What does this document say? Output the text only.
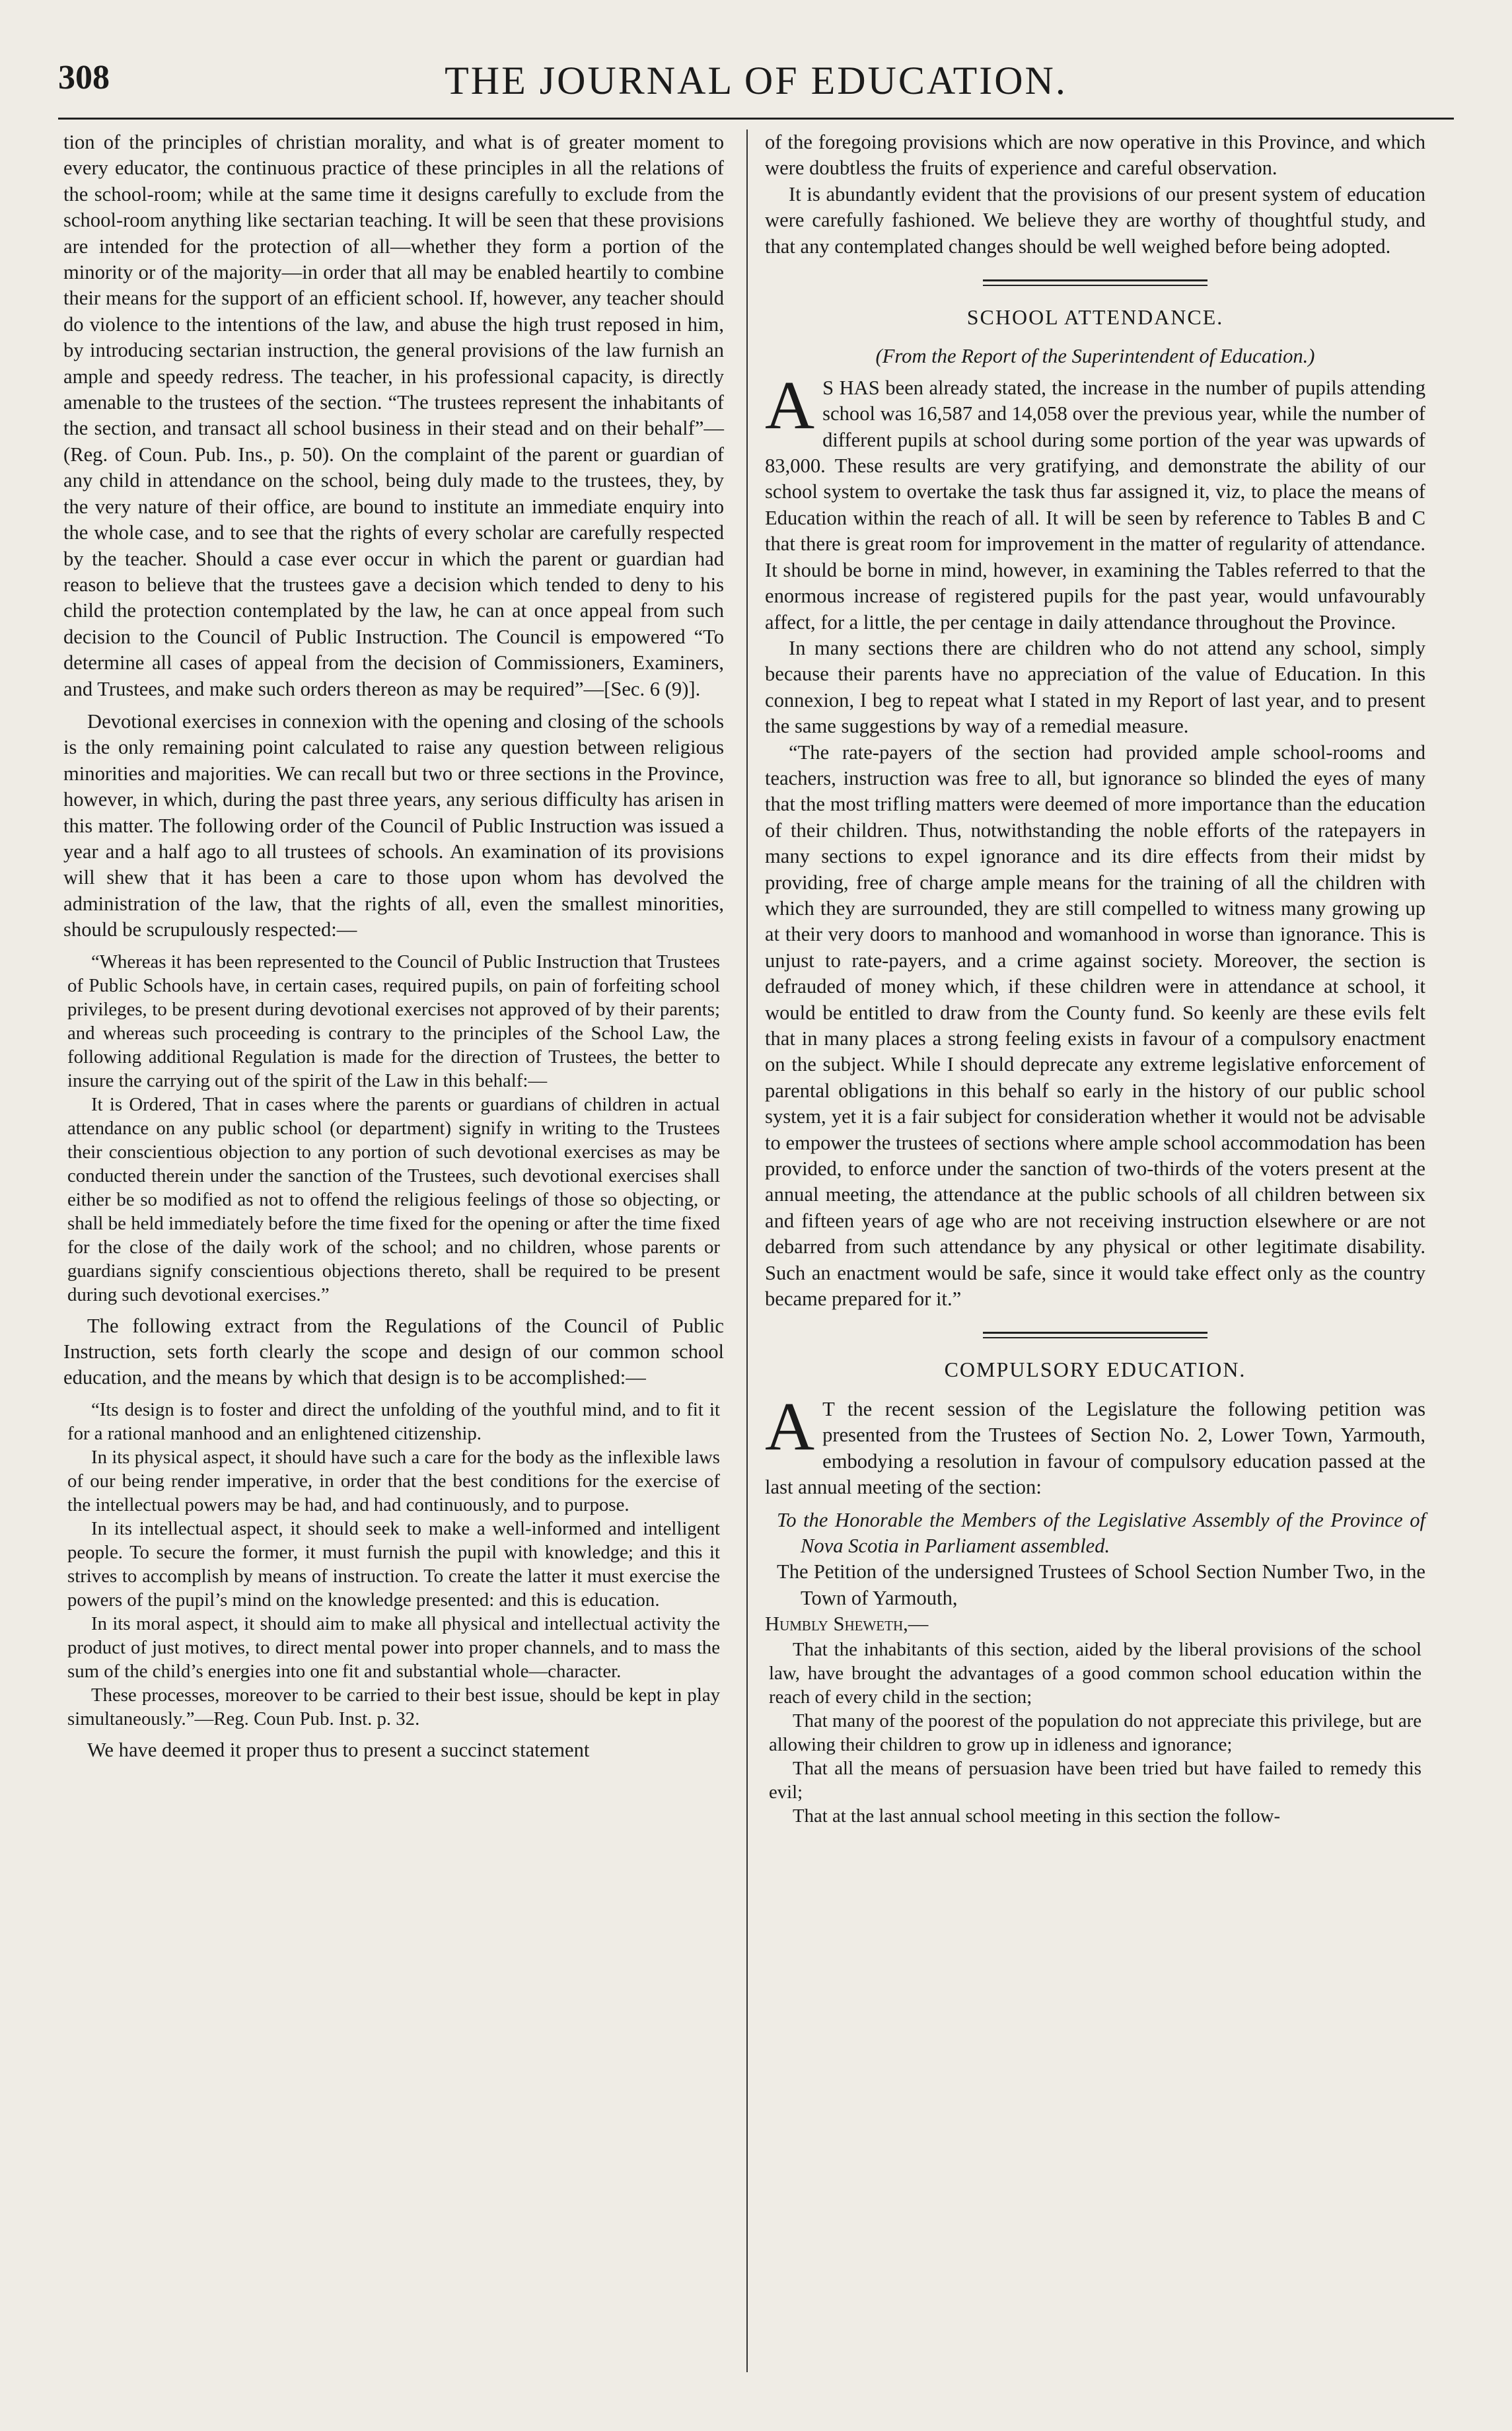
308	THE JOURNAL OF EDUCATION.

tion of the principles of christian morality, and what is of greater moment to every educator, the continuous practice of these principles in all the relations of the school-room; while at the same time it designs carefully to exclude from the school-room anything like sectarian teaching. It will be seen that these provisions are intended for the protection of all—whether they form a portion of the minority or of the majority—in order that all may be enabled heartily to combine their means for the support of an efficient school. If, however, any teacher should do violence to the intentions of the law, and abuse the high trust reposed in him, by introducing sectarian instruction, the general provisions of the law furnish an ample and speedy redress. The teacher, in his professional capacity, is directly amenable to the trustees of the section. “The trustees represent the inhabitants of the section, and transact all school business in their stead and on their behalf”—(Reg. of Coun. Pub. Ins., p. 50). On the complaint of the parent or guardian of any child in attendance on the school, being duly made to the trustees, they, by the very nature of their office, are bound to institute an immediate enquiry into the whole case, and to see that the rights of every scholar are carefully respected by the teacher. Should a case ever occur in which the parent or guardian had reason to believe that the trustees gave a decision which tended to deny to his child the protection contemplated by the law, he can at once appeal from such decision to the Council of Public Instruction. The Council is empowered “To determine all cases of appeal from the decision of Commissioners, Examiners, and Trustees, and make such orders thereon as may be required”—[Sec. 6 (9)].

Devotional exercises in connexion with the opening and closing of the schools is the only remaining point calculated to raise any question between religious minorities and majorities. We can recall but two or three sections in the Province, however, in which, during the past three years, any serious difficulty has arisen in this matter. The following order of the Council of Public Instruction was issued a year and a half ago to all trustees of schools. An examination of its provisions will shew that it has been a care to those upon whom has devolved the administration of the law, that the rights of all, even the smallest minorities, should be scrupulously respected:—

“Whereas it has been represented to the Council of Public Instruction that Trustees of Public Schools have, in certain cases, required pupils, on pain of forfeiting school privileges, to be present during devotional exercises not approved of by their parents; and whereas such proceeding is contrary to the principles of the School Law, the following additional Regulation is made for the direction of Trustees, the better to insure the carrying out of the spirit of the Law in this behalf:—

It is Ordered, That in cases where the parents or guardians of children in actual attendance on any public school (or department) signify in writing to the Trustees their conscientious objection to any portion of such devotional exercises as may be conducted therein under the sanction of the Trustees, such devotional exercises shall either be so modified as not to offend the religious feelings of those so objecting, or shall be held immediately before the time fixed for the opening or after the time fixed for the close of the daily work of the school; and no children, whose parents or guardians signify conscientious objections thereto, shall be required to be present during such devotional exercises.”

The following extract from the Regulations of the Council of Public Instruction, sets forth clearly the scope and design of our common school education, and the means by which that design is to be accomplished:—

“Its design is to foster and direct the unfolding of the youthful mind, and to fit it for a rational manhood and an enlightened citizenship.

In its physical aspect, it should have such a care for the body as the inflexible laws of our being render imperative, in order that the best conditions for the exercise of the intellectual powers may be had, and had continuously, and to purpose.

In its intellectual aspect, it should seek to make a well-informed and intelligent people. To secure the former, it must furnish the pupil with knowledge; and this it strives to accomplish by means of instruction. To create the latter it must exercise the powers of the pupil’s mind on the knowledge presented: and this is education.

In its moral aspect, it should aim to make all physical and intellectual activity the product of just motives, to direct mental power into proper channels, and to mass the sum of the child’s energies into one fit and substantial whole—character.

These processes, moreover to be carried to their best issue, should be kept in play simultaneously.”—Reg. Coun Pub. Inst. p. 32.

We have deemed it proper thus to present a succinct statement

of the foregoing provisions which are now operative in this Province, and which were doubtless the fruits of experience and careful observation.

It is abundantly evident that the provisions of our present system of education were carefully fashioned. We believe they are worthy of thoughtful study, and that any contemplated changes should be well weighed before being adopted.

SCHOOL ATTENDANCE.
(From the Report of the Superintendent of Education.)

A S HAS been already stated, the increase in the number of pupils attending school was 16,587 and 14,058 over the previous year, while the number of different pupils at school during some portion of the year was upwards of 83,000. These results are very gratifying, and demonstrate the ability of our school system to overtake the task thus far assigned it, viz, to place the means of Education within the reach of all. It will be seen by reference to Tables B and C that there is great room for improvement in the matter of regularity of attendance. It should be borne in mind, however, in examining the Tables referred to that the enormous increase of registered pupils for the past year, would unfavourably affect, for a little, the per centage in daily attendance throughout the Province.

In many sections there are children who do not attend any school, simply because their parents have no appreciation of the value of Education. In this connexion, I beg to repeat what I stated in my Report of last year, and to present the same suggestions by way of a remedial measure.

“The rate-payers of the section had provided ample school-rooms and teachers, instruction was free to all, but ignorance so blinded the eyes of many that the most trifling matters were deemed of more importance than the education of their children. Thus, notwithstanding the noble efforts of the ratepayers in many sections to expel ignorance and its dire effects from their midst by providing, free of charge ample means for the training of all the children with which they are surrounded, they are still compelled to witness many growing up at their very doors to manhood and womanhood in worse than ignorance. This is unjust to rate-payers, and a crime against society. Moreover, the section is defrauded of money which, if these children were in attendance at school, it would be entitled to draw from the County fund. So keenly are these evils felt that in many places a strong feeling exists in favour of a compulsory enactment on the subject. While I should deprecate any extreme legislative enforcement of parental obligations in this behalf so early in the history of our public school system, yet it is a fair subject for consideration whether it would not be advisable to empower the trustees of sections where ample school accommodation has been provided, to enforce under the sanction of two-thirds of the voters present at the annual meeting, the attendance at the public schools of all children between six and fifteen years of age who are not receiving instruction elsewhere or are not debarred from such attendance by any physical or other legitimate disability. Such an enactment would be safe, since it would take effect only as the country became prepared for it.”

COMPULSORY EDUCATION.

A T the recent session of the Legislature the following petition was presented from the Trustees of Section No. 2, Lower Town, Yarmouth, embodying a resolution in favour of compulsory education passed at the last annual meeting of the section:

To the Honorable the Members of the Legislative Assembly of the Province of Nova Scotia in Parliament assembled.

The Petition of the undersigned Trustees of School Section Number Two, in the Town of Yarmouth,

Humbly Sheweth,—

That the inhabitants of this section, aided by the liberal provisions of the school law, have brought the advantages of a good common school education within the reach of every child in the section;

That many of the poorest of the population do not appreciate this privilege, but are allowing their children to grow up in idleness and ignorance;

That all the means of persuasion have been tried but have failed to remedy this evil;

That at the last annual school meeting in this section the follow-
